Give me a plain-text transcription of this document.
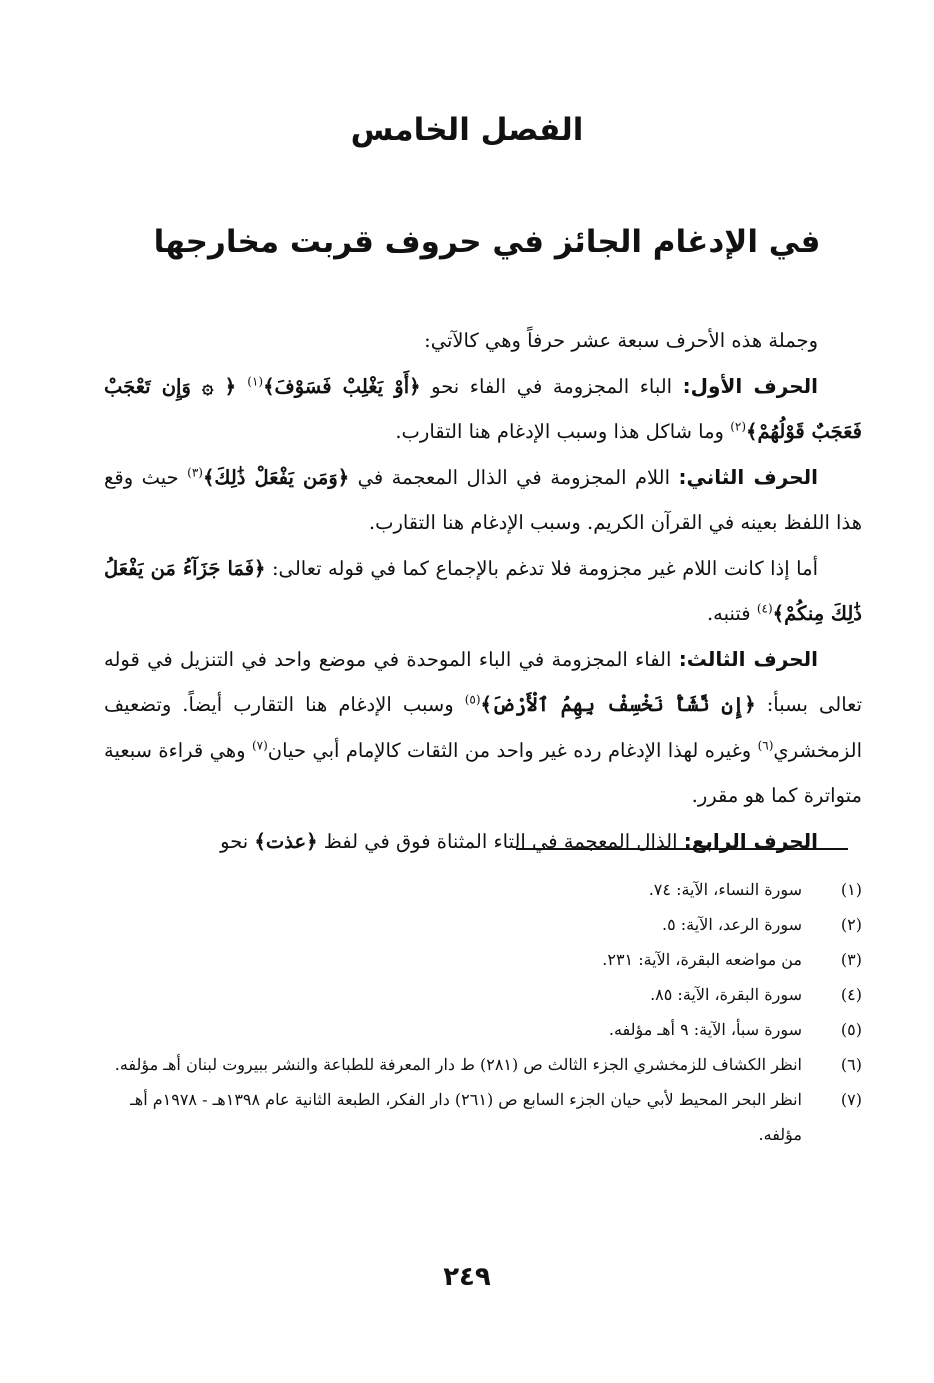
الفصل الخامس
في الإدغام الجائز في حروف قربت مخارجها

وجملة هذه الأحرف سبعة عشر حرفاً وهي كالآتي:

الحرف الأول: الباء المجزومة في الفاء نحو ﴿أَوْ يَغْلِبْ فَسَوْفَ﴾$^{(١)}$ ﴿ ۞ وَإِن تَعْجَبْ فَعَجَبٌ قَوْلُهُمْ﴾$^{(٢)}$ وما شاكل هذا وسبب الإدغام هنا التقارب.

الحرف الثاني: اللام المجزومة في الذال المعجمة في ﴿وَمَن يَفْعَلْ ذَٰلِكَ﴾$^{(٣)}$ حيث وقع هذا اللفظ بعينه في القرآن الكريم. وسبب الإدغام هنا التقارب.

أما إذا كانت اللام غير مجزومة فلا تدغم بالإجماع كما في قوله تعالى: ﴿فَمَا جَزَآءُ مَن يَفْعَلُ ذَٰلِكَ مِنكُمْ﴾$^{(٤)}$ فتنبه.

الحرف الثالث: الفاء المجزومة في الباء الموحدة في موضع واحد في التنزيل في قوله تعالى بسبأ: ﴿إِن نَّشَأْ نَخْسِفْ بِهِمُ ٱلْأَرْضَ﴾$^{(٥)}$ وسبب الإدغام هنا التقارب أيضاً. وتضعيف الزمخشري$^{(٦)}$ وغيره لهذا الإدغام رده غير واحد من الثقات كالإمام أبي حيان$^{(٧)}$ وهي قراءة سبعية متواترة كما هو مقرر.

الحرف الرابع: الذال المعجمة في التاء المثناة فوق في لفظ ﴿عذت﴾ نحو

(١)
سورة النساء، الآية: ٧٤.
(٢)
سورة الرعد، الآية: ٥.
(٣)
من مواضعه البقرة، الآية: ٢٣١.
(٤)
سورة البقرة، الآية: ٨٥.
(٥)
سورة سبأ، الآية: ٩ أهـ مؤلفه.
(٦)
انظر الكشاف للزمخشري الجزء الثالث ص (٢٨١) ط دار المعرفة للطباعة والنشر ببيروت لبنان أهـ مؤلفه.
(٧)
انظر البحر المحيط لأبي حيان الجزء السابع ص (٢٦١) دار الفكر، الطبعة الثانية عام ١٣٩٨هـ - ١٩٧٨م أهـ مؤلفه.
٢٤٩
